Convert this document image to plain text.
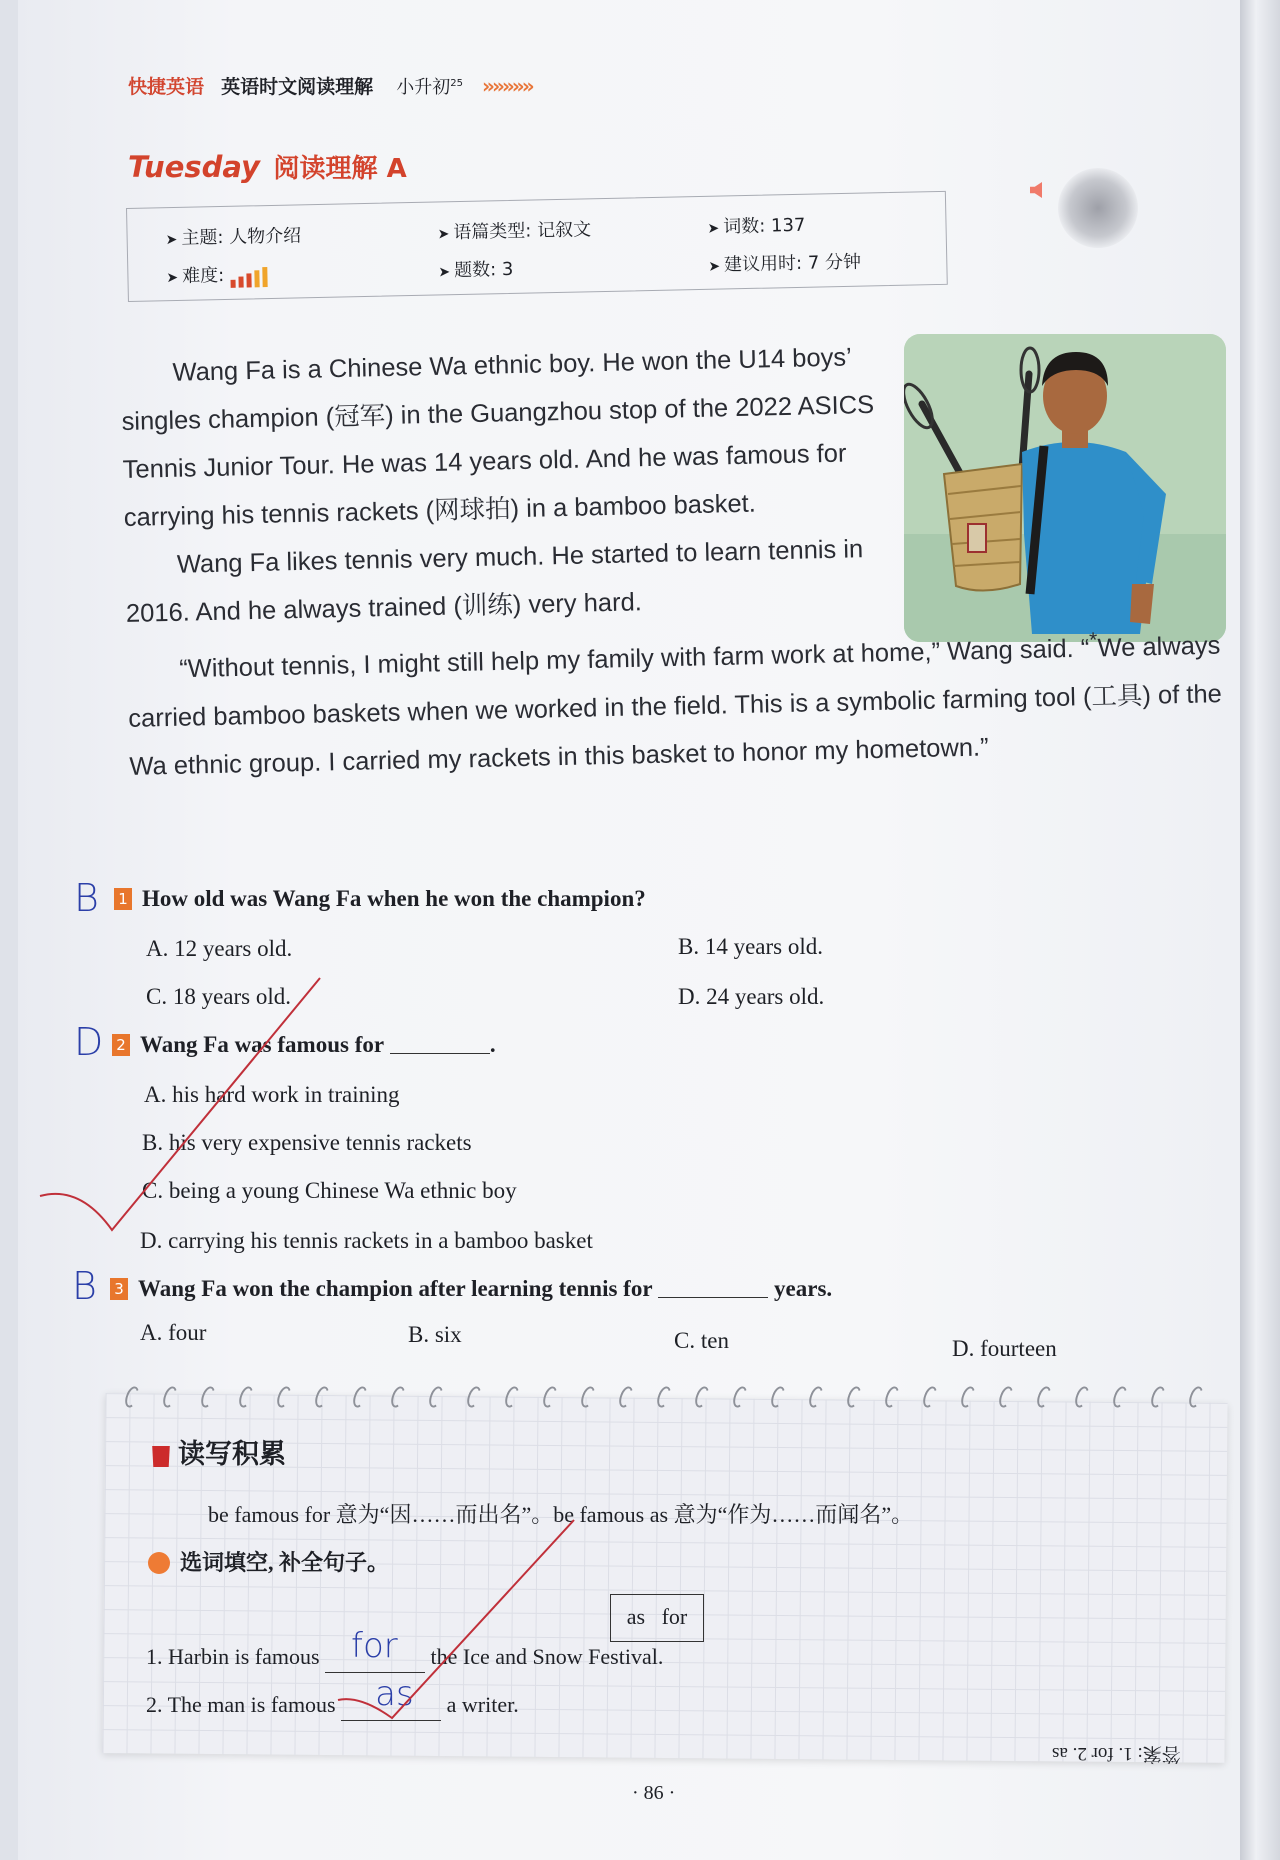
快捷英语 英语时文阅读理解 小升初$^{25}$ »»»»»
Tuesday 阅读理解 A
➤ 主题: 人物介绍	➤ 语篇类型: 记叙文	➤ 词数: 137
➤ 难度:	➤ 题数: 3	➤ 建议用时: 7 分钟

Wang Fa is a Chinese Wa ethnic boy. He won the U14 boys’ singles champion (冠军) in the Guangzhou stop of the 2022 ASICS Tennis Junior Tour. He was 14 years old. And he was famous for carrying his tennis rackets (网球拍) in a bamboo basket.

Wang Fa likes tennis very much. He started to learn tennis in 2016. And he always trained (训练) very hard.

“Without tennis, I might still help my family with farm work at home,” Wang said. “*We always carried bamboo baskets when we worked in the field. This is a symbolic farming tool (工具) of the Wa ethnic group. I carried my rackets in this basket to honor my hometown.”

B 1 How old was Wang Fa when he won the champion?
A. 12 years old.	B. 14 years old.
C. 18 years old.	D. 24 years old.
D 2 Wang Fa was famous for	.
A. his hard work in training
B. his very expensive tennis rackets
C. being a young Chinese Wa ethnic boy
D. carrying his tennis rackets in a bamboo basket
B 3 Wang Fa won the champion after learning tennis for	years.
A. four	B. six	C. ten	D. fourteen
读写积累
be famous for 意为“因……而出名”。be famous as 意为“作为……而闻名”。
选词填空, 补全句子。
as for
1. Harbin is famous for the Ice and Snow Festival.
2. The man is famous as a writer.
答案: 1. for 2. as
· 86 ·
